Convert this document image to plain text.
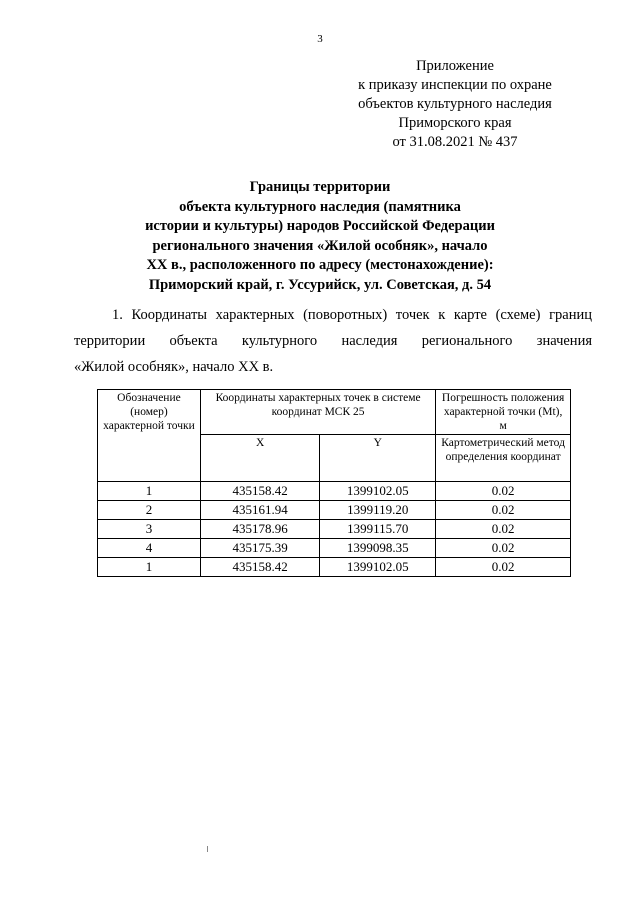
3
Приложение
к приказу инспекции по охране
объектов культурного наследия
Приморского края
от 31.08.2021 № 437
Границы территории
объекта культурного наследия (памятника
истории и культуры) народов Российской Федерации
регионального значения «Жилой особняк», начало
XX в., расположенного по адресу (местонахождение):
Приморский край, г. Уссурийск, ул. Советская, д. 54
1. Координаты характерных (поворотных) точек к карте (схеме) границ
территории объекта культурного наследия регионального значения
«Жилой особняк», начало XX в.
Обозначение (номер) характерной точки	Координаты характерных точек в системе координат МСК 25		Погрешность положения характерной точки (Mt), м
	X	Y	Картометрический метод определения координат
1	435158.42	1399102.05	0.02
2	435161.94	1399119.20	0.02
3	435178.96	1399115.70	0.02
4	435175.39	1399098.35	0.02
1	435158.42	1399102.05	0.02
